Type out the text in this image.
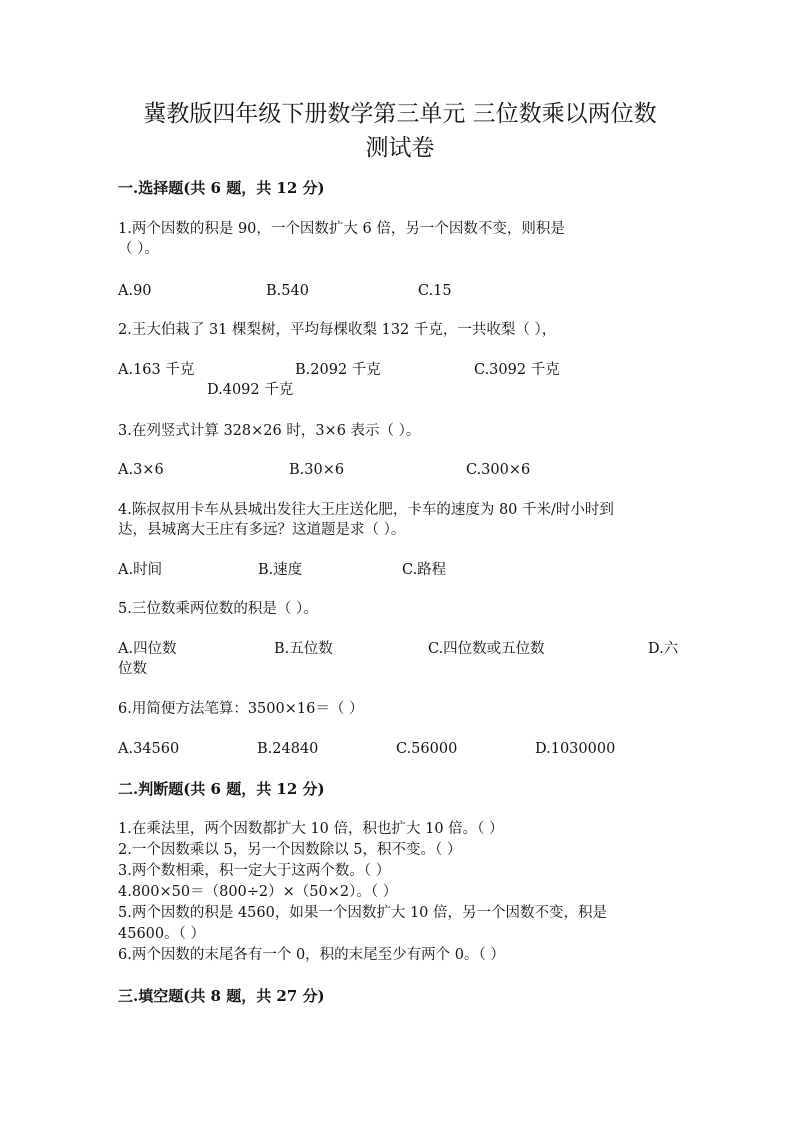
冀教版四年级下册数学第三单元 三位数乘以两位数
测试卷
一.选择题(共 6 题，共 12 分)
1.两个因数的积是 90，一个因数扩大 6 倍，另一个因数不变，则积是
（ ）。
A.90	B.540	C.15
2.王大伯栽了 31 棵梨树，平均每棵收梨 132 千克，一共收梨（ ），
A.163 千克	B.2092 千克	C.3092 千克
D.4092 千克
3.在列竖式计算 328×26 时，3×6 表示（ ）。
A.3×6	B.30×6	C.300×6
4.陈叔叔用卡车从县城出发往大王庄送化肥，卡车的速度为 80 千米/时小时到
达，县城离大王庄有多远？这道题是求（ ）。
A.时间	B.速度	C.路程
5.三位数乘两位数的积是（ ）。
A.四位数	B.五位数	C.四位数或五位数	D.六
位数
6.用简便方法笔算：3500×16＝（ ）
A.34560	B.24840	C.56000	D.1030000
二.判断题(共 6 题，共 12 分)
1.在乘法里，两个因数都扩大 10 倍，积也扩大 10 倍。（ ）
2.一个因数乘以 5，另一个因数除以 5，积不变。（ ）
3.两个数相乘，积一定大于这两个数。（ ）
4.800×50＝（800÷2）×（50×2）。（ ）
5.两个因数的积是 4560，如果一个因数扩大 10 倍，另一个因数不变，积是
45600。（ ）
6.两个因数的末尾各有一个 0，积的末尾至少有两个 0。（ ）
三.填空题(共 8 题，共 27 分)
